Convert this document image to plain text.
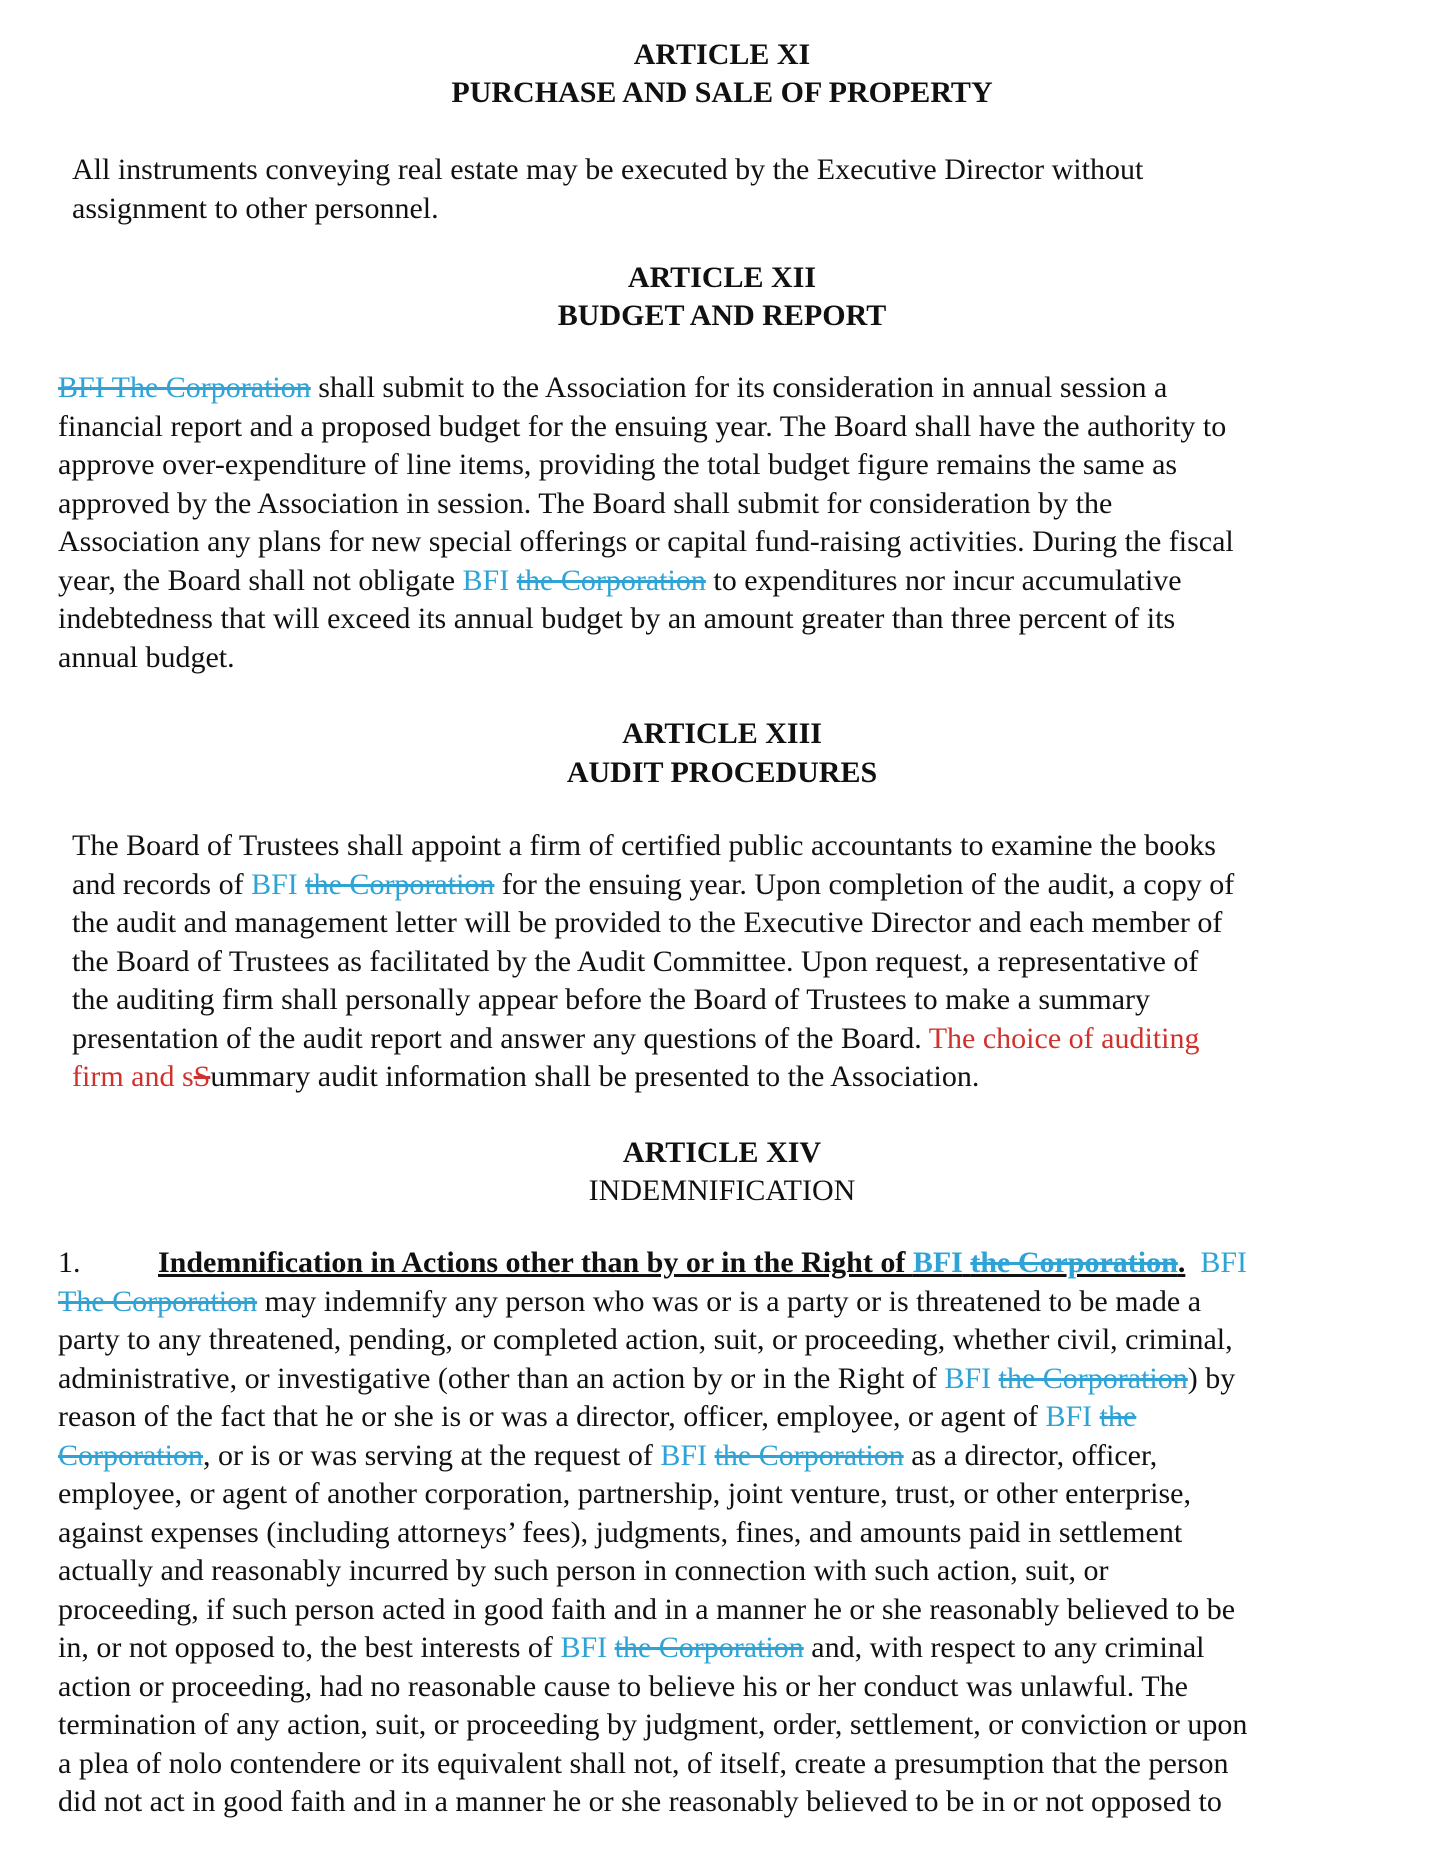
ARTICLE XI
PURCHASE AND SALE OF PROPERTY
All instruments conveying real estate may be executed by the Executive Director without
assignment to other personnel.
ARTICLE XII
BUDGET AND REPORT
BFI The Corporation shall submit to the Association for its consideration in annual session a
financial report and a proposed budget for the ensuing year. The Board shall have the authority to
approve over-expenditure of line items, providing the total budget figure remains the same as
approved by the Association in session. The Board shall submit for consideration by the
Association any plans for new special offerings or capital fund-raising activities. During the fiscal
year, the Board shall not obligate BFI the Corporation to expenditures nor incur accumulative
indebtedness that will exceed its annual budget by an amount greater than three percent of its
annual budget.
ARTICLE XIII
AUDIT PROCEDURES
The Board of Trustees shall appoint a firm of certified public accountants to examine the books
and records of BFI the Corporation for the ensuing year. Upon completion of the audit, a copy of
the audit and management letter will be provided to the Executive Director and each member of
the Board of Trustees as facilitated by the Audit Committee. Upon request, a representative of
the auditing firm shall personally appear before the Board of Trustees to make a summary
presentation of the audit report and answer any questions of the Board. The choice of auditing
firm and sSummary audit information shall be presented to the Association.
ARTICLE XIV
INDEMNIFICATION
1.	Indemnification in Actions other than by or in the Right of BFI the Corporation. BFI
The Corporation may indemnify any person who was or is a party or is threatened to be made a
party to any threatened, pending, or completed action, suit, or proceeding, whether civil, criminal,
administrative, or investigative (other than an action by or in the Right of BFI the Corporation) by
reason of the fact that he or she is or was a director, officer, employee, or agent of BFI the
Corporation, or is or was serving at the request of BFI the Corporation as a director, officer,
employee, or agent of another corporation, partnership, joint venture, trust, or other enterprise,
against expenses (including attorneys’ fees), judgments, fines, and amounts paid in settlement
actually and reasonably incurred by such person in connection with such action, suit, or
proceeding, if such person acted in good faith and in a manner he or she reasonably believed to be
in, or not opposed to, the best interests of BFI the Corporation and, with respect to any criminal
action or proceeding, had no reasonable cause to believe his or her conduct was unlawful. The
termination of any action, suit, or proceeding by judgment, order, settlement, or conviction or upon
a plea of nolo contendere or its equivalent shall not, of itself, create a presumption that the person
did not act in good faith and in a manner he or she reasonably believed to be in or not opposed to
